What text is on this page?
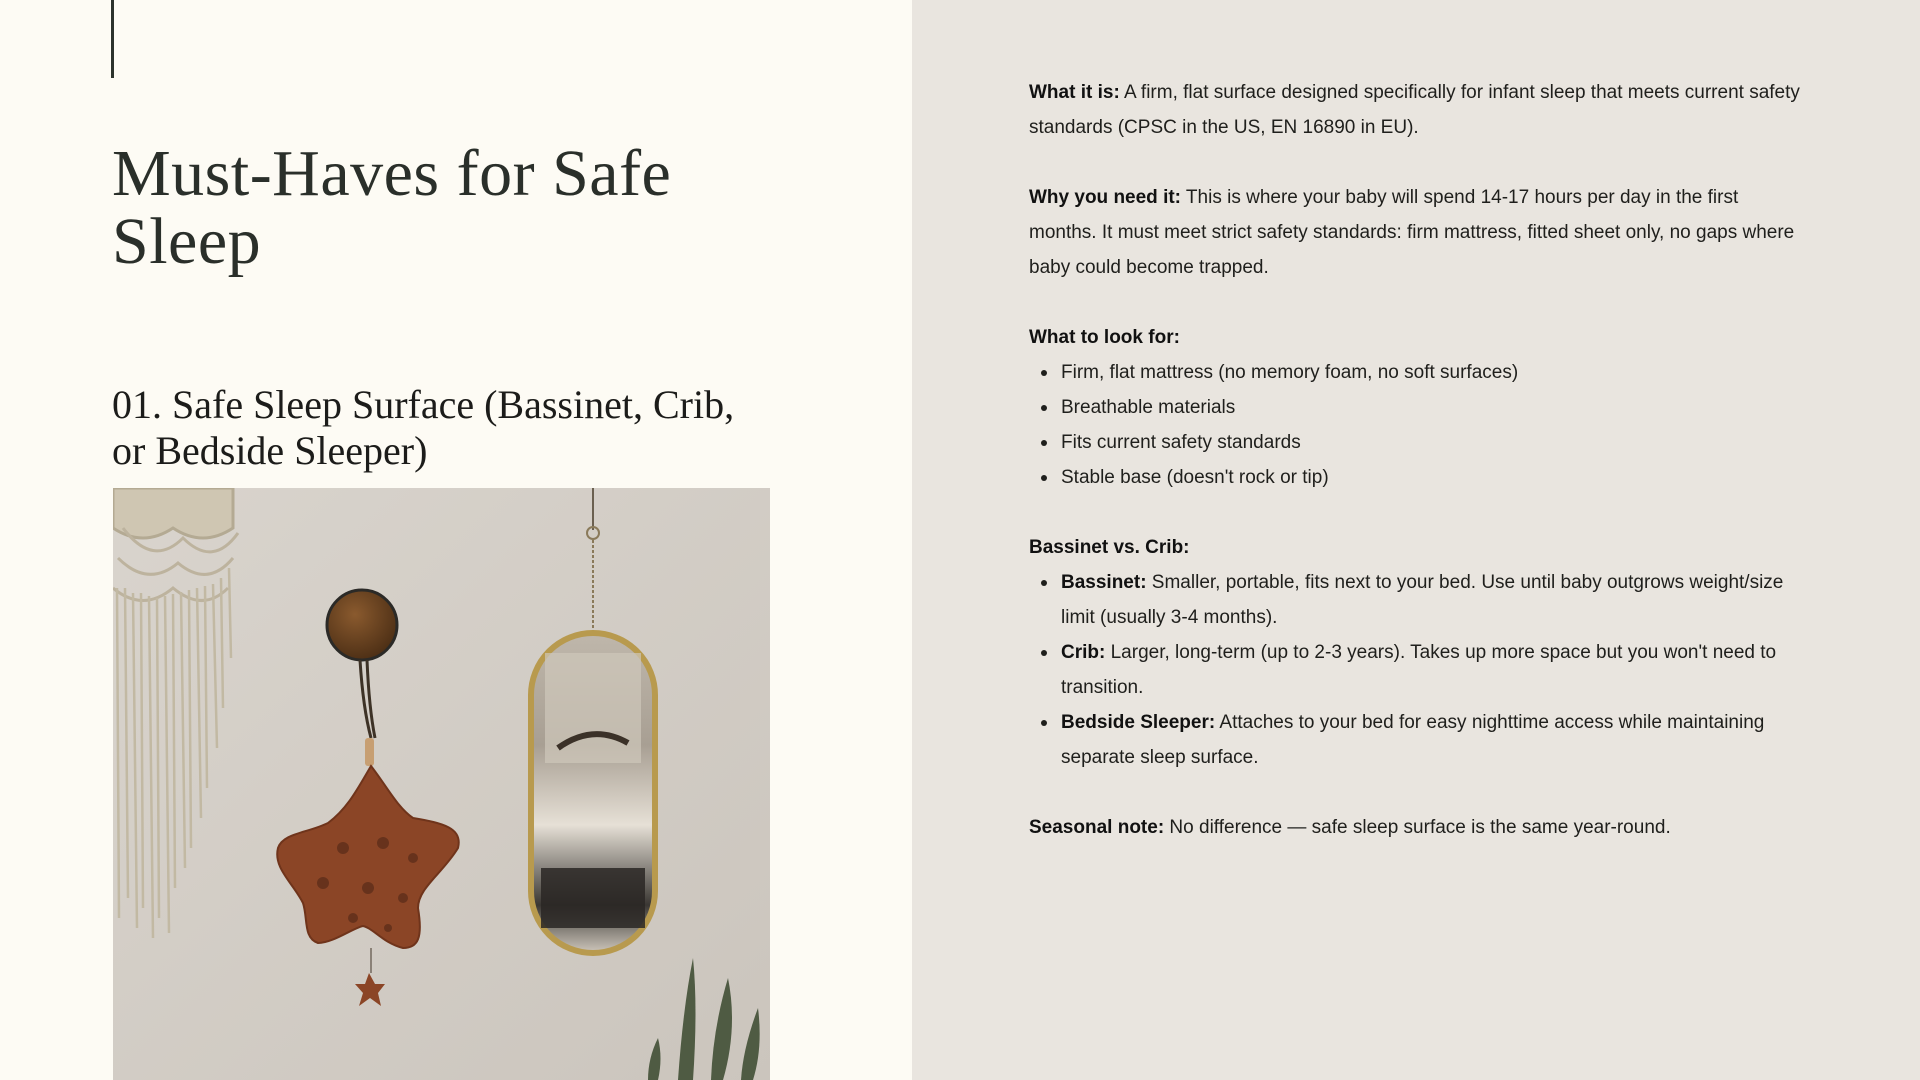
Must-Haves for Safe Sleep
01. Safe Sleep Surface (Bassinet, Crib, or Bedside Sleeper)

What it is: A firm, flat surface designed specifically for infant sleep that meets current safety standards (CPSC in the US, EN 16890 in EU).

Why you need it: This is where your baby will spend 14-17 hours per day in the first months. It must meet strict safety standards: firm mattress, fitted sheet only, no gaps where baby could become trapped.

What to look for:

Firm, flat mattress (no memory foam, no soft surfaces)
Breathable materials
Fits current safety standards
Stable base (doesn't rock or tip)

Bassinet vs. Crib:

Bassinet: Smaller, portable, fits next to your bed. Use until baby outgrows weight/size limit (usually 3-4 months).
Crib: Larger, long-term (up to 2-3 years). Takes up more space but you won't need to transition.
Bedside Sleeper: Attaches to your bed for easy nighttime access while maintaining separate sleep surface.

Seasonal note: No difference — safe sleep surface is the same year-round.
